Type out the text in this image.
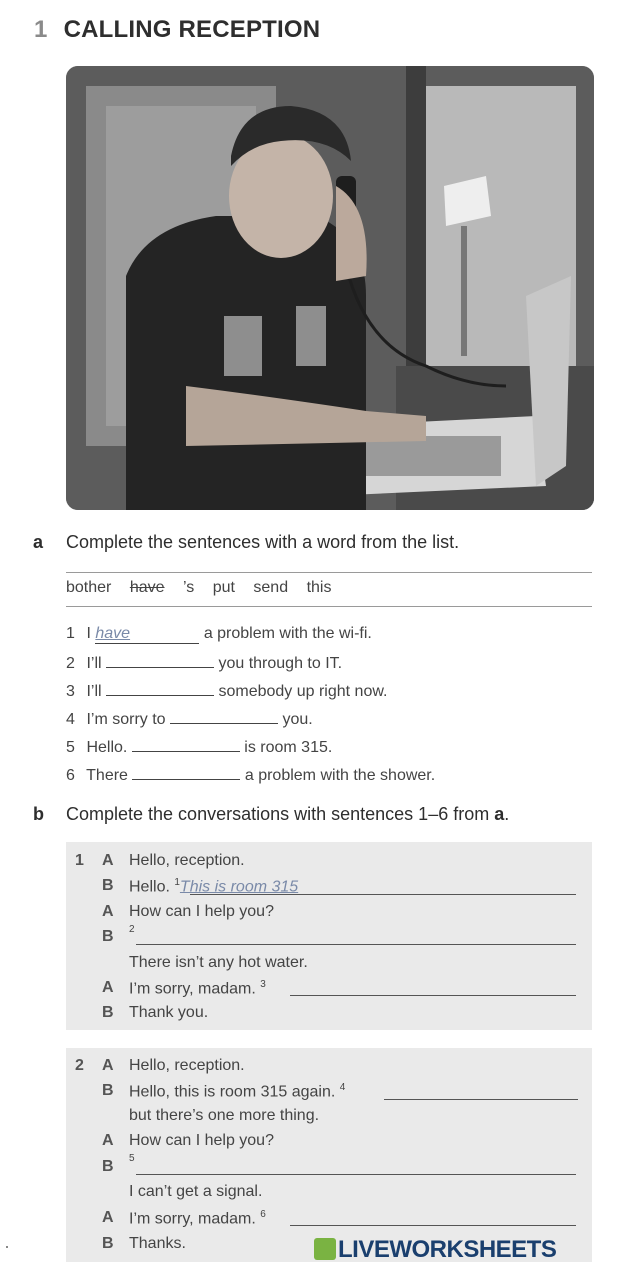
1 CALLING RECEPTION
a Complete the sentences with a word from the list.
bother have ’s put send this
1 I have	a problem with the wi-fi.
2 I’ll	you through to IT.
3 I’ll	somebody up right now.
4 I’m sorry to	you.
5 Hello.	is room 315.
6 There	a problem with the shower.
b Complete the conversations with sentences 1–6 from a.
1 A Hello, reception.
B Hello. $^1$This is room 315
A How can I help you?
B $^2$
There isn’t any hot water.
A I’m sorry, madam. $^3$
B Thank you.
2 A Hello, reception.
B Hello, this is room 315 again. $^4$
but there’s one more thing.
A How can I help you?
B $^5$
I can’t get a signal.
A I’m sorry, madam. $^6$
B Thanks.	LIVEWORKSHEETS
